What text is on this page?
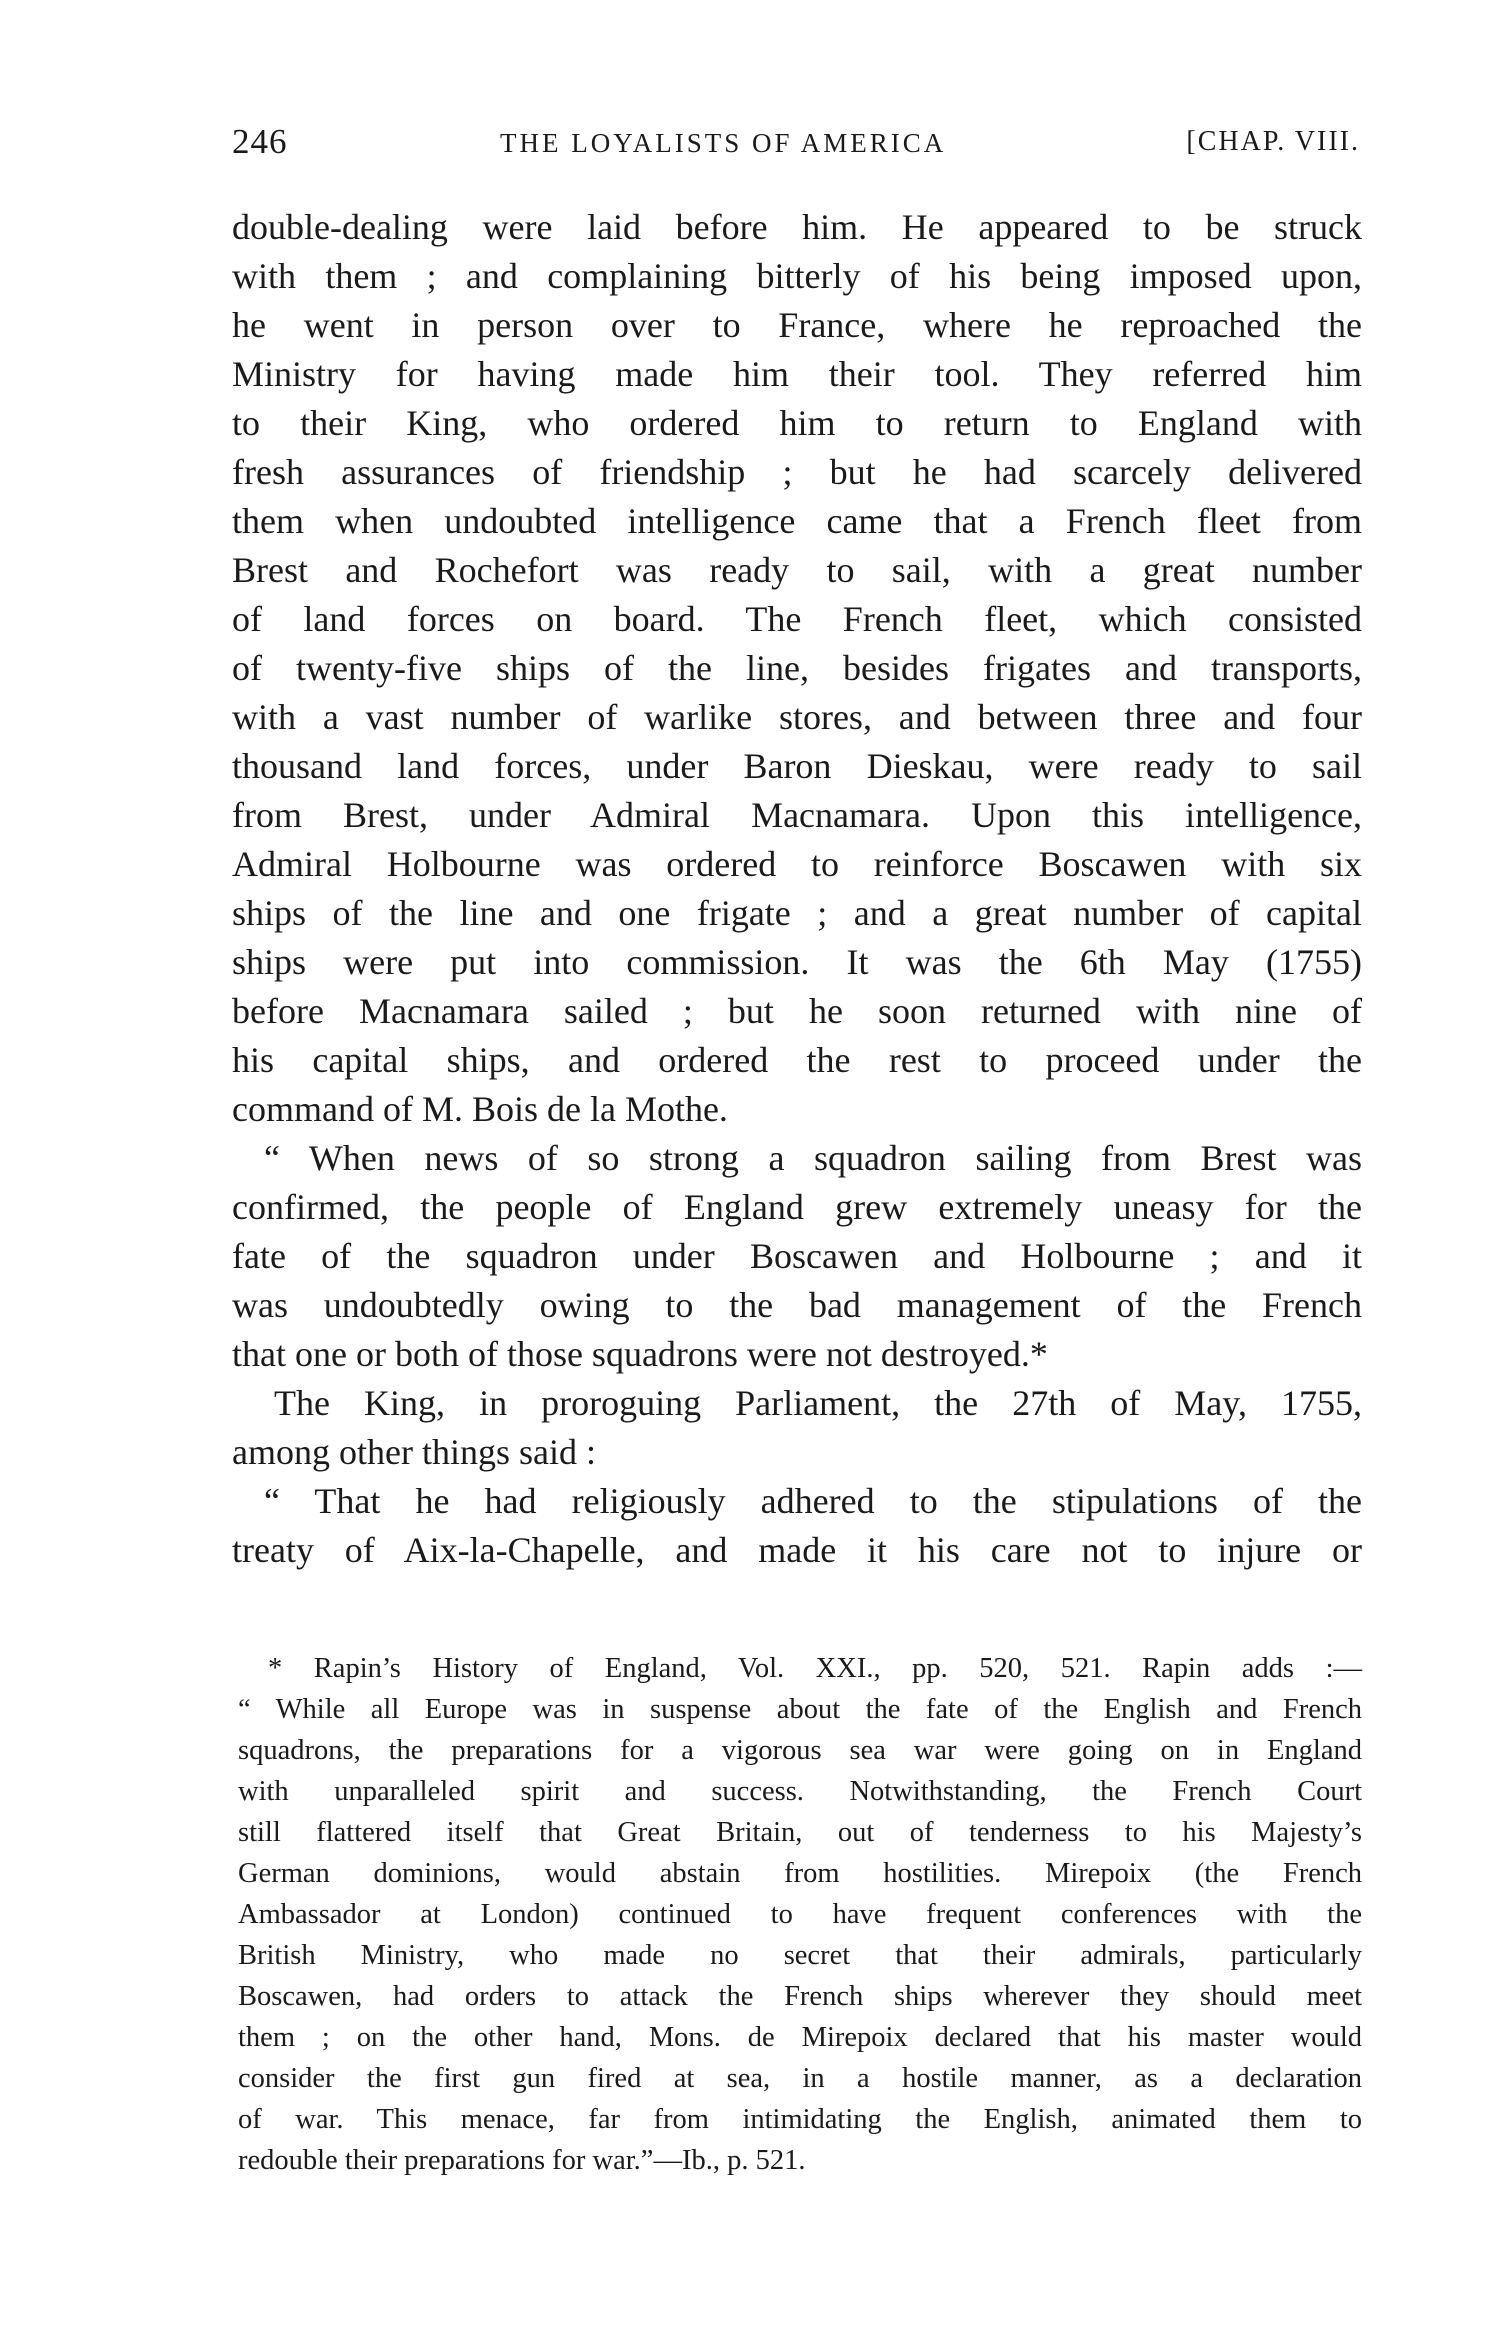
246	THE LOYALISTS OF AMERICA	[CHAP. VIII.
double-dealing were laid before him. He appeared to be struck
with them ; and complaining bitterly of his being imposed upon,
he went in person over to France, where he reproached the
Ministry for having made him their tool. They referred him
to their King, who ordered him to return to England with
fresh assurances of friendship ; but he had scarcely delivered
them when undoubted intelligence came that a French fleet from
Brest and Rochefort was ready to sail, with a great number
of land forces on board. The French fleet, which consisted
of twenty-five ships of the line, besides frigates and transports,
with a vast number of warlike stores, and between three and four
thousand land forces, under Baron Dieskau, were ready to sail
from Brest, under Admiral Macnamara. Upon this intelligence,
Admiral Holbourne was ordered to reinforce Boscawen with six
ships of the line and one frigate ; and a great number of capital
ships were put into commission. It was the 6th May (1755)
before Macnamara sailed ; but he soon returned with nine of
his capital ships, and ordered the rest to proceed under the
command of M. Bois de la Mothe.
“ When news of so strong a squadron sailing from Brest was
confirmed, the people of England grew extremely uneasy for the
fate of the squadron under Boscawen and Holbourne ; and it
was undoubtedly owing to the bad management of the French
that one or both of those squadrons were not destroyed.*
The King, in proroguing Parliament, the 27th of May, 1755,
among other things said :
“ That he had religiously adhered to the stipulations of the
treaty of Aix-la-Chapelle, and made it his care not to injure or
* Rapin’s History of England, Vol. XXI., pp. 520, 521. Rapin adds :—
“ While all Europe was in suspense about the fate of the English and French
squadrons, the preparations for a vigorous sea war were going on in England
with unparalleled spirit and success. Notwithstanding, the French Court
still flattered itself that Great Britain, out of tenderness to his Majesty’s
German dominions, would abstain from hostilities. Mirepoix (the French
Ambassador at London) continued to have frequent conferences with the
British Ministry, who made no secret that their admirals, particularly
Boscawen, had orders to attack the French ships wherever they should meet
them ; on the other hand, Mons. de Mirepoix declared that his master would
consider the first gun fired at sea, in a hostile manner, as a declaration
of war. This menace, far from intimidating the English, animated them to
redouble their preparations for war.”—Ib., p. 521.
